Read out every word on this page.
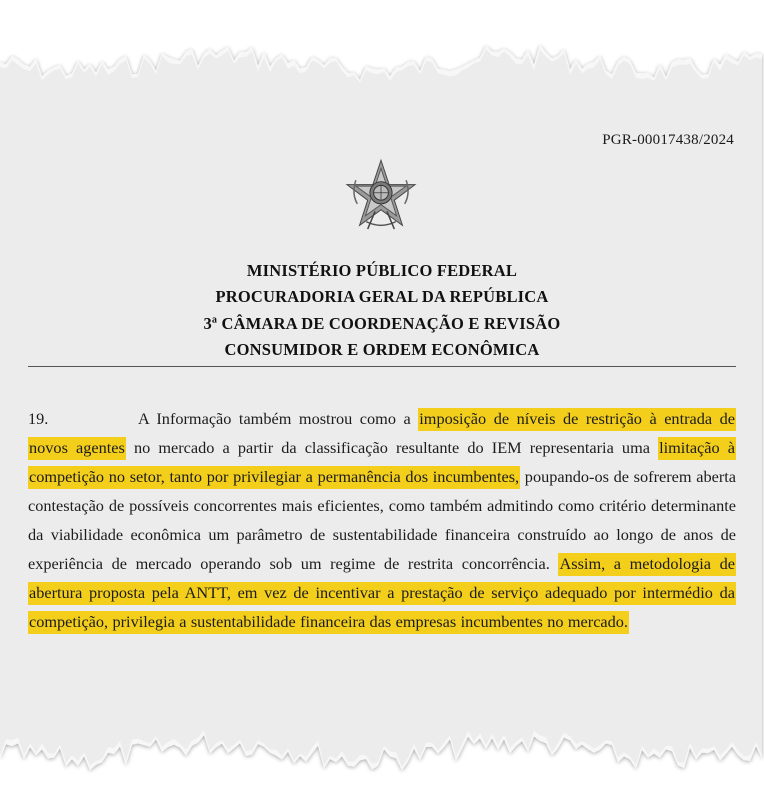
PGR-00017438/2024
MINISTÉRIO PÚBLICO FEDERAL
PROCURADORIA GERAL DA REPÚBLICA
3ª CÂMARA DE COORDENAÇÃO E REVISÃO
CONSUMIDOR E ORDEM ECONÔMICA
19.	A Informação também mostrou como a imposição de níveis de restrição à entrada de novos agentes no mercado a partir da classificação resultante do IEM representaria uma limitação à competição no setor, tanto por privilegiar a permanência dos incumbentes, poupando-os de sofrerem aberta contestação de possíveis concorrentes mais eficientes, como também admitindo como critério determinante da viabilidade econômica um parâmetro de sustentabilidade financeira construído ao longo de anos de experiência de mercado operando sob um regime de restrita concorrência. Assim, a metodologia de abertura proposta pela ANTT, em vez de incentivar a prestação de serviço adequado por intermédio da competição, privilegia a sustentabilidade financeira das empresas incumbentes no mercado.
